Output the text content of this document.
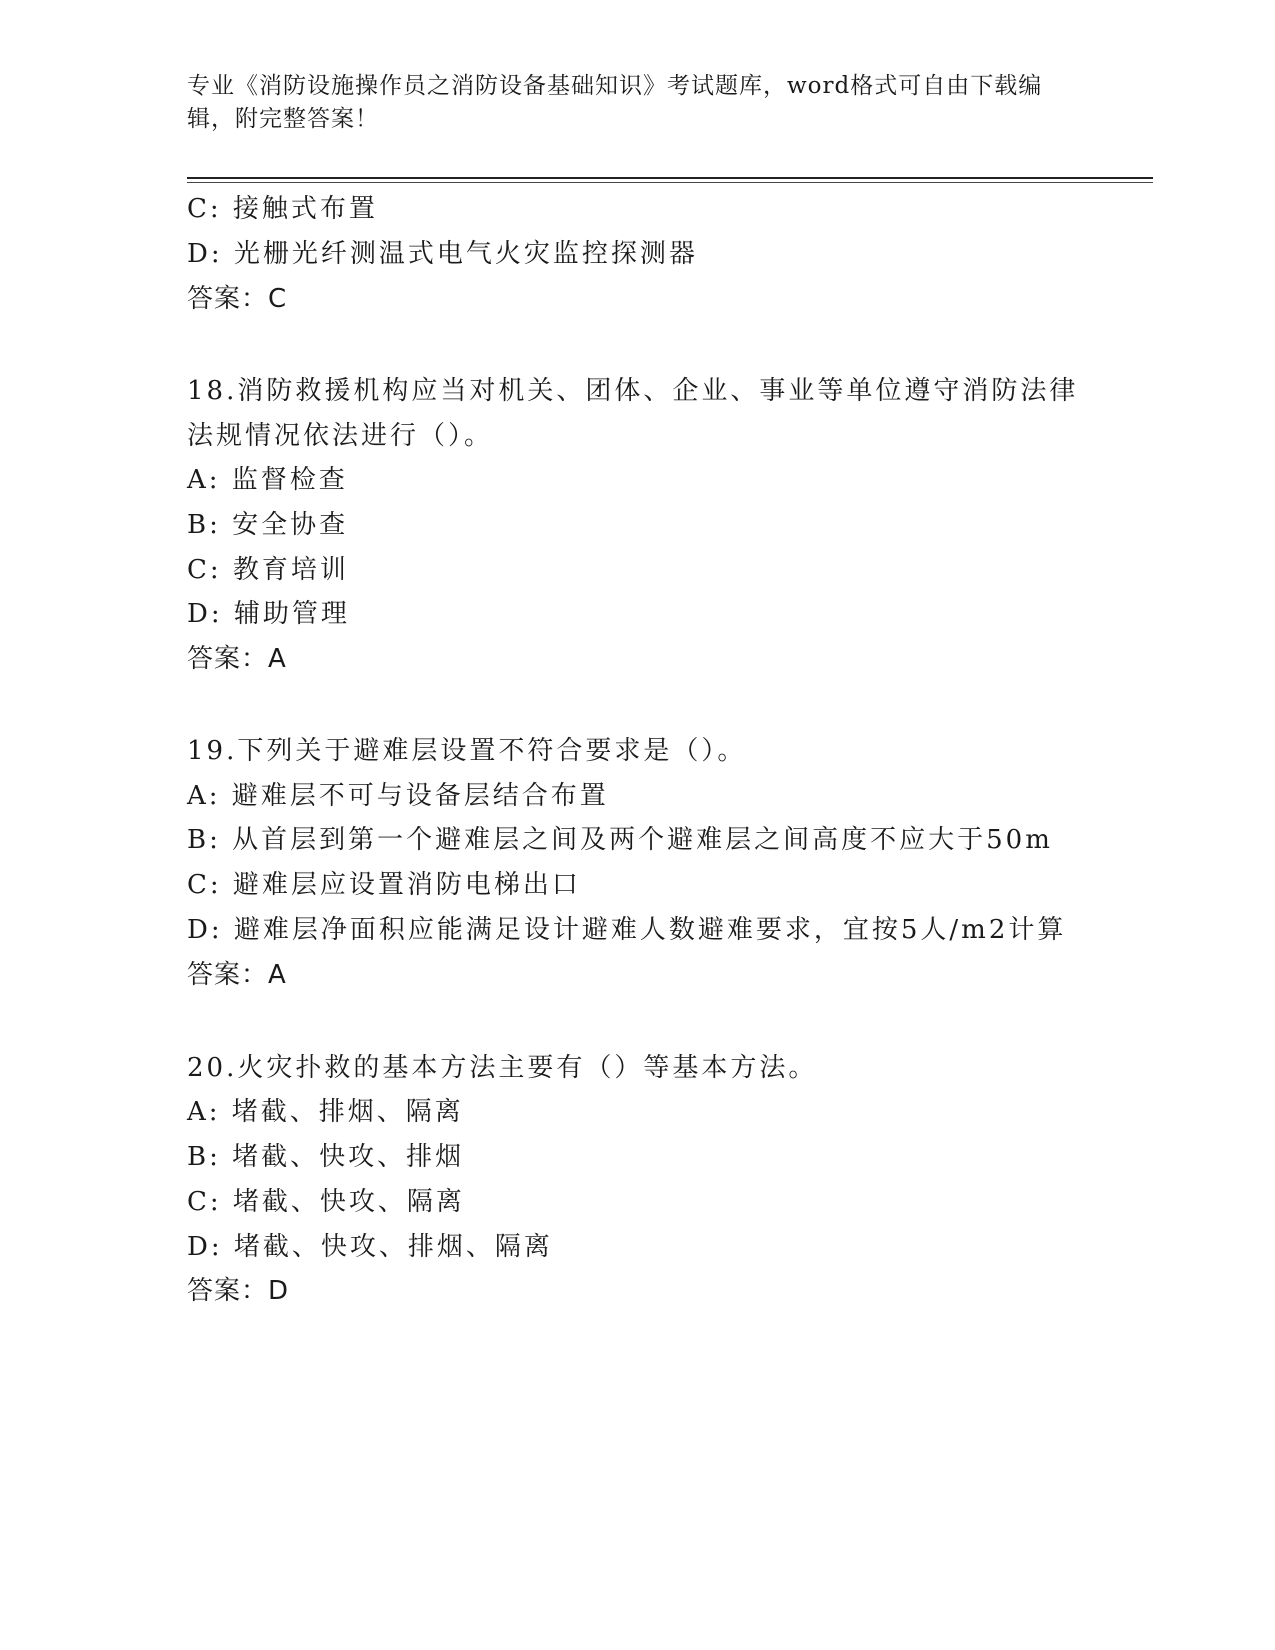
专业《消防设施操作员之消防设备基础知识》考试题库，word格式可自由下载编辑，附完整答案！
C: 接触式布置
D: 光栅光纤测温式电气火灾监控探测器
答案：C
18.消防救援机构应当对机关、团体、企业、事业等单位遵守消防法律
法规情况依法进行（）。
A: 监督检查
B: 安全协查
C: 教育培训
D: 辅助管理
答案：A
19.下列关于避难层设置不符合要求是（）。
A: 避难层不可与设备层结合布置
B: 从首层到第一个避难层之间及两个避难层之间高度不应大于50m
C: 避难层应设置消防电梯出口
D: 避难层净面积应能满足设计避难人数避难要求，宜按5人/m2计算
答案：A
20.火灾扑救的基本方法主要有（）等基本方法。
A: 堵截、排烟、隔离
B: 堵截、快攻、排烟
C: 堵截、快攻、隔离
D: 堵截、快攻、排烟、隔离
答案：D
